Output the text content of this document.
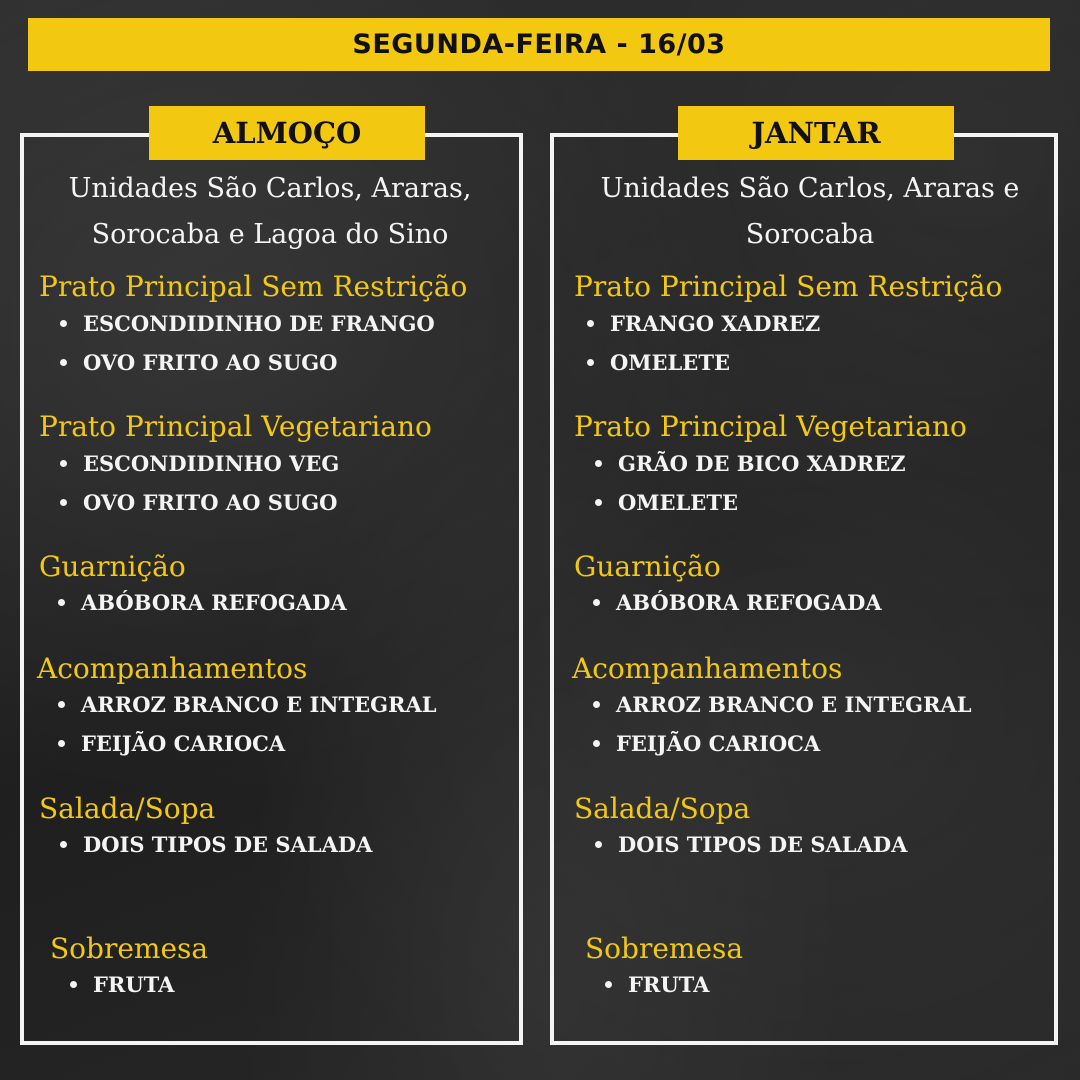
SEGUNDA-FEIRA - 16/03
ALMOÇO
Unidades São Carlos, Araras,
Sorocaba e Lagoa do Sino
Prato Principal Sem Restrição
ESCONDIDINHO DE FRANGO
OVO FRITO AO SUGO
Prato Principal Vegetariano
ESCONDIDINHO VEG
OVO FRITO AO SUGO
Guarnição
ABÓBORA REFOGADA
Acompanhamentos
ARROZ BRANCO E INTEGRAL
FEIJÃO CARIOCA
Salada/Sopa
DOIS TIPOS DE SALADA
Sobremesa
FRUTA
JANTAR
Unidades São Carlos, Araras e
Sorocaba
Prato Principal Sem Restrição
FRANGO XADREZ
OMELETE
Prato Principal Vegetariano
GRÃO DE BICO XADREZ
OMELETE
Guarnição
ABÓBORA REFOGADA
Acompanhamentos
ARROZ BRANCO E INTEGRAL
FEIJÃO CARIOCA
Salada/Sopa
DOIS TIPOS DE SALADA
Sobremesa
FRUTA
